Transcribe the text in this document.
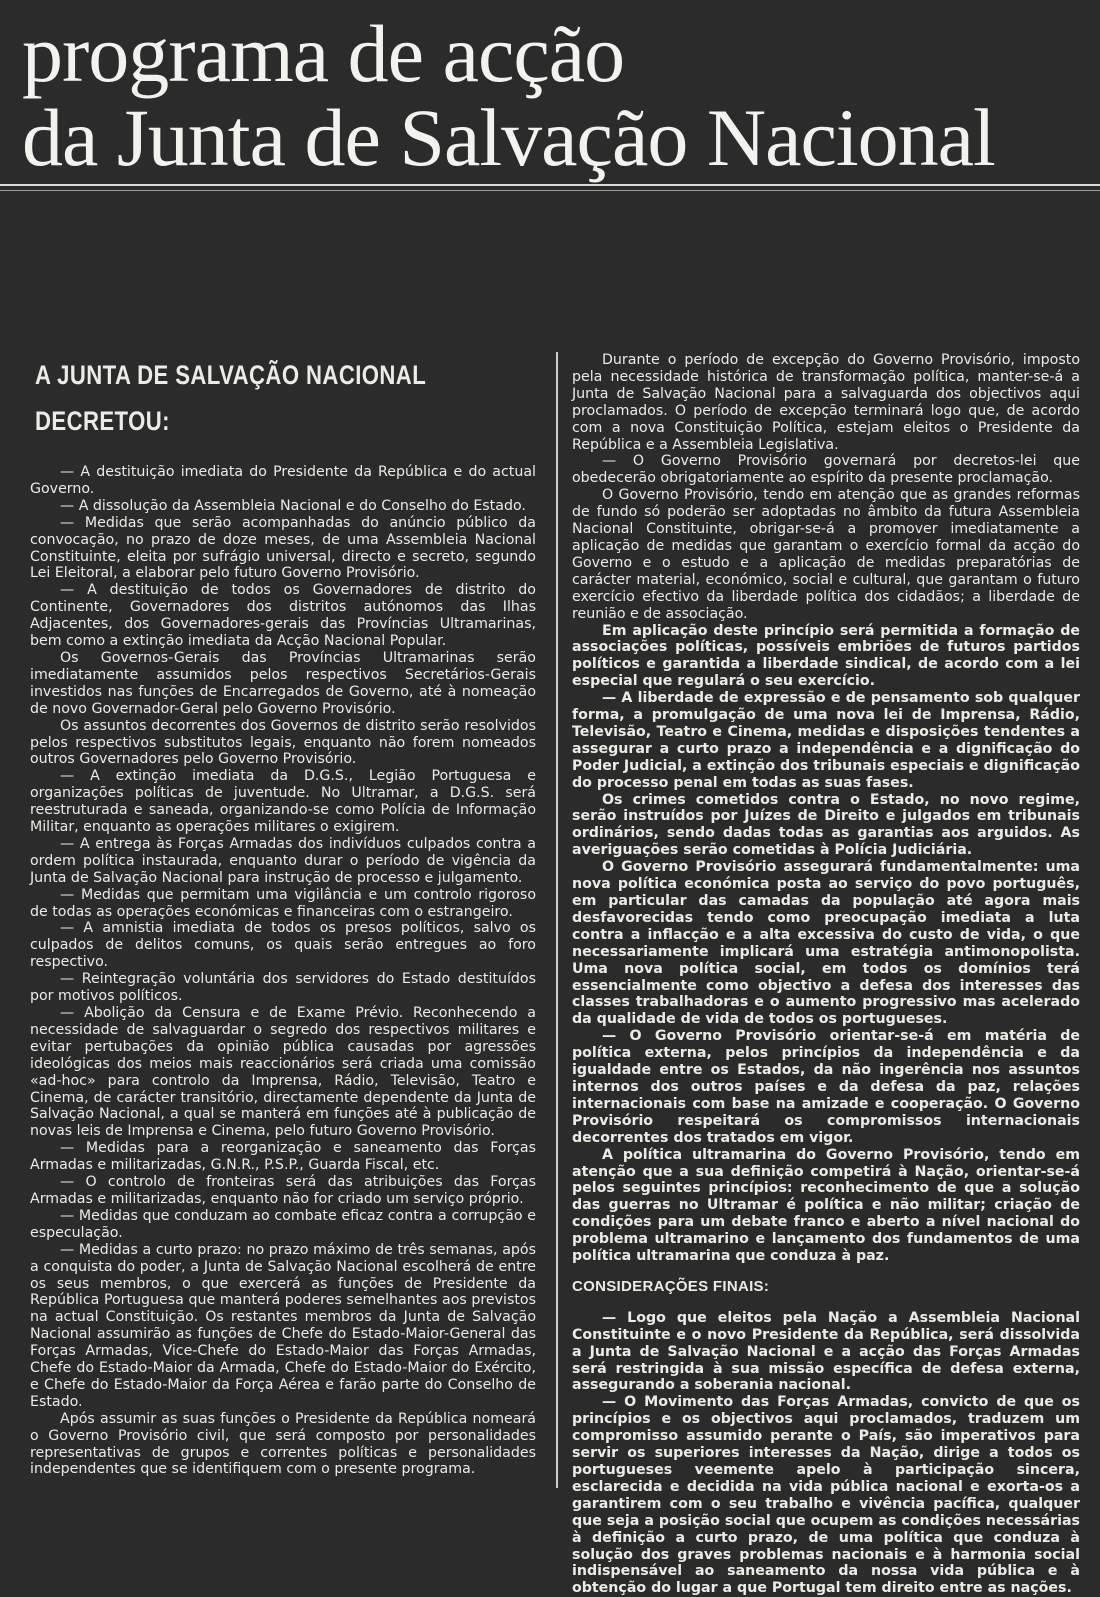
programa de acção
da Junta de Salvação Nacional
A JUNTA DE SALVAÇÃO NACIONAL
DECRETOU:

— A destituição imediata do Presidente da República e do actual Governo.

— A dissolução da Assembleia Nacional e do Conselho do Estado.

— Medidas que serão acompanhadas do anúncio público da convocação, no prazo de doze meses, de uma Assembleia Nacional Constituinte, eleita por sufrágio universal, directo e secreto, segundo Lei Eleitoral, a elaborar pelo futuro Governo Provisório.

— A destituição de todos os Governadores de distrito do Continente, Governadores dos distritos autónomos das Ilhas Adjacentes, dos Governadores-gerais das Províncias Ultramarinas, bem como a extinção imediata da Acção Nacional Popular.

Os Governos-Gerais das Províncias Ultramarinas serão imediatamente assumidos pelos respectivos Secretários-Gerais investidos nas funções de Encarregados de Governo, até à nomeação de novo Governador-Geral pelo Governo Provisório.

Os assuntos decorrentes dos Governos de distrito serão resolvidos pelos respectivos substitutos legais, enquanto não forem nomeados outros Governadores pelo Governo Provisório.

— A extinção imediata da D.G.S., Legião Portuguesa e organizações políticas de juventude. No Ultramar, a D.G.S. será reestruturada e saneada, organizando-se como Polícia de Informação Militar, enquanto as operações militares o exigirem.

— A entrega às Forças Armadas dos indivíduos culpados contra a ordem política instaurada, enquanto durar o período de vigência da Junta de Salvação Nacional para instrução de processo e julgamento.

— Medidas que permitam uma vigilância e um controlo rigoroso de todas as operações económicas e financeiras com o estrangeiro.

— A amnistia imediata de todos os presos políticos, salvo os culpados de delitos comuns, os quais serão entregues ao foro respectivo.

— Reintegração voluntária dos servidores do Estado destituídos por motivos políticos.

— Abolição da Censura e de Exame Prévio. Reconhecendo a necessidade de salvaguardar o segredo dos respectivos militares e evitar pertubações da opinião pública causadas por agressões ideológicas dos meios mais reaccionários será criada uma comissão «ad-hoc» para controlo da Imprensa, Rádio, Televisão, Teatro e Cinema, de carácter transitório, directamente dependente da Junta de Salvação Nacional, a qual se manterá em funções até à publicação de novas leis de Imprensa e Cinema, pelo futuro Governo Provisório.

— Medidas para a reorganização e saneamento das Forças Armadas e militarizadas, G.N.R., P.S.P., Guarda Fiscal, etc.

— O controlo de fronteiras será das atribuições das Forças Armadas e militarizadas, enquanto não for criado um serviço próprio.

— Medidas que conduzam ao combate eficaz contra a corrupção e especulação.

— Medidas a curto prazo: no prazo máximo de três semanas, após a conquista do poder, a Junta de Salvação Nacional escolherá de entre os seus membros, o que exercerá as funções de Presidente da República Portuguesa que manterá poderes semelhantes aos previstos na actual Constituição. Os restantes membros da Junta de Salvação Nacional assumirão as funções de Chefe do Estado-Maior-General das Forças Armadas, Vice-Chefe do Estado-Maior das Forças Armadas, Chefe do Estado-Maior da Armada, Chefe do Estado-Maior do Exército, e Chefe do Estado-Maior da Força Aérea e farão parte do Conselho de Estado.

Após assumir as suas funções o Presidente da República nomeará o Governo Provisório civil, que será composto por personalidades representativas de grupos e correntes políticas e personalidades independentes que se identifiquem com o presente programa.

Durante o período de excepção do Governo Provisório, imposto pela necessidade histórica de transformação política, manter-se-á a Junta de Salvação Nacional para a salvaguarda dos objectivos aqui proclamados. O período de excepção terminará logo que, de acordo com a nova Constituição Política, estejam eleitos o Presidente da República e a Assembleia Legislativa.

— O Governo Provisório governará por decretos-lei que obedecerão obrigatoriamente ao espírito da presente proclamação.

O Governo Provisório, tendo em atenção que as grandes reformas de fundo só poderão ser adoptadas no âmbito da futura Assembleia Nacional Constituinte, obrigar-se-á a promover imediatamente a aplicação de medidas que garantam o exercício formal da acção do Governo e o estudo e a aplicação de medidas preparatórias de carácter material, económico, social e cultural, que garantam o futuro exercício efectivo da liberdade política dos cidadãos; a liberdade de reunião e de associação.

Em aplicação deste princípio será permitida a formação de associações políticas, possíveis embriões de futuros partidos políticos e garantida a liberdade sindical, de acordo com a lei especial que regulará o seu exercício.

— A liberdade de expressão e de pensamento sob qualquer forma, a promulgação de uma nova lei de Imprensa, Rádio, Televisão, Teatro e Cinema, medidas e disposições tendentes a assegurar a curto prazo a independência e a dignificação do Poder Judicial, a extinção dos tribunais especiais e dignificação do processo penal em todas as suas fases.

Os crimes cometidos contra o Estado, no novo regime, serão instruídos por Juízes de Direito e julgados em tribunais ordinários, sendo dadas todas as garantias aos arguidos. As averiguações serão cometidas à Polícia Judiciária.

O Governo Provisório assegurará fundamentalmente: uma nova política económica posta ao serviço do povo português, em particular das camadas da população até agora mais desfavorecidas tendo como preocupação imediata a luta contra a inflacção e a alta excessiva do custo de vida, o que necessariamente implicará uma estratégia antimonopolista. Uma nova política social, em todos os domínios terá essencialmente como objectivo a defesa dos interesses das classes trabalhadoras e o aumento progressivo mas acelerado da qualidade de vida de todos os portugueses.

— O Governo Provisório orientar-se-á em matéria de política externa, pelos princípios da independência e da igualdade entre os Estados, da não ingerência nos assuntos internos dos outros países e da defesa da paz, relações internacionais com base na amizade e cooperação. O Governo Provisório respeitará os compromissos internacionais decorrentes dos tratados em vigor.

A política ultramarina do Governo Provisório, tendo em atenção que a sua definição competirá à Nação, orientar-se-á pelos seguintes princípios: reconhecimento de que a solução das guerras no Ultramar é política e não militar; criação de condições para um debate franco e aberto a nível nacional do problema ultramarino e lançamento dos fundamentos de uma política ultramarina que conduza à paz.

CONSIDERAÇÕES FINAIS:

— Logo que eleitos pela Nação a Assembleia Nacional Constituinte e o novo Presidente da República, será dissolvida a Junta de Salvação Nacional e a acção das Forças Armadas será restringida à sua missão específica de defesa externa, assegurando a soberania nacional.

— O Movimento das Forças Armadas, convicto de que os princípios e os objectivos aqui proclamados, traduzem um compromisso assumido perante o País, são imperativos para servir os superiores interesses da Nação, dirige a todos os portugueses veemente apelo à participação sincera, esclarecida e decidida na vida pública nacional e exorta-os a garantirem com o seu trabalho e vivência pacífica, qualquer que seja a posição social que ocupem as condições necessárias à definição a curto prazo, de uma política que conduza à solução dos graves problemas nacionais e à harmonia social indispensável ao saneamento da nossa vida pública e à obtenção do lugar a que Portugal tem direito entre as nações.
